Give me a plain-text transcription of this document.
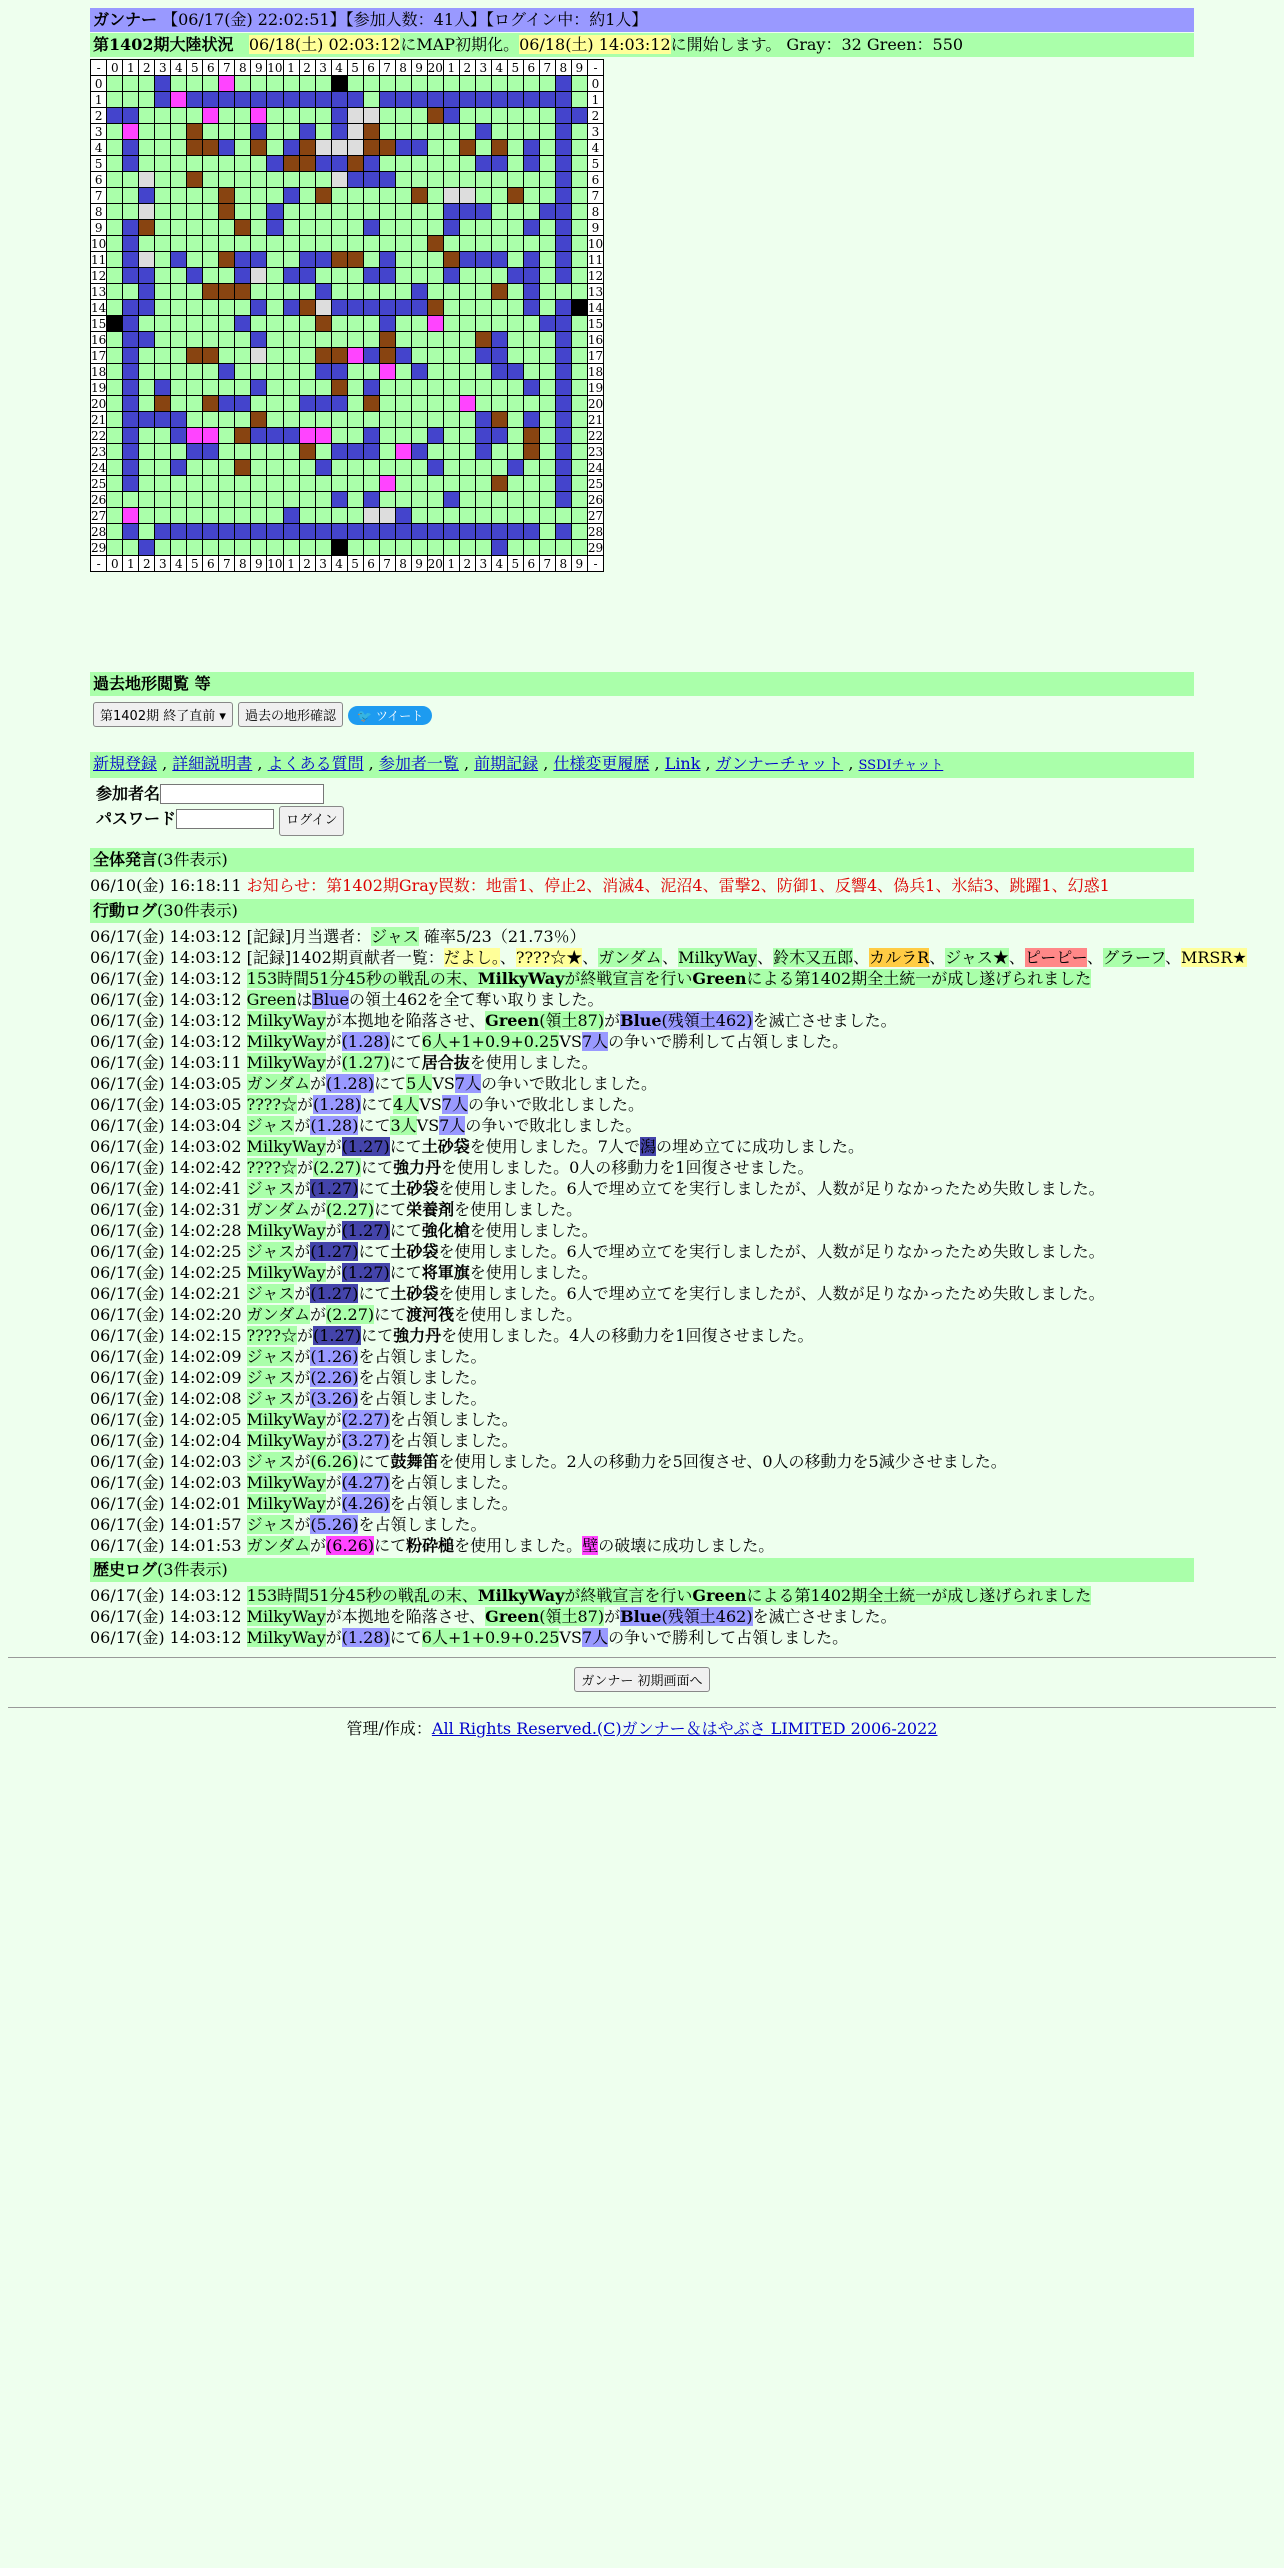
ガンナー 【06/17(金) 22:02:51】【参加人数：41人】【ログイン中：約1人】
第1402期大陸状況 06/18(土) 02:03:12にMAP初期化。06/18(土) 14:03:12に開始します。 Gray：32 Green：550
-	0	1	2	3	4	5	6	7	8	9	10	1	2	3	4	5	6	7	8	9	20	1	2	3	4	5	6	7	8	9	-
0																															0
1																															1
2																															2
3																															3
4																															4
5																															5
6																															6
7																															7
8																															8
9																															9
10																															10
11																															11
12																															12
13																															13
14																															14
15																															15
16																															16
17																															17
18																															18
19																															19
20																															20
21																															21
22																															22
23																															23
24																															24
25																															25
26																															26
27																															27
28																															28
29																															29
-	0	1	2	3	4	5	6	7	8	9	10	1	2	3	4	5	6	7	8	9	20	1	2	3	4	5	6	7	8	9	-
過去地形閲覧 等
第1402期 終了直前 ▾ 過去の地形確認 🐦 ツイート
新規登録 , 詳細説明書 , よくある質問 , 参加者一覧 , 前期記録 , 仕様変更履歴 , Link , ガンナーチャット , SSDIチャット
参加者名
パスワード	ログイン
全体発言(3件表示)
06/10(金) 16:18:11 お知らせ：第1402期Gray罠数：地雷1、停止2、消滅4、泥沼4、雷撃2、防御1、反響4、偽兵1、氷結3、跳躍1、幻惑1
行動ログ(30件表示)
06/17(金) 14:03:12 [記録]月当選者：ジャス 確率5/23（21.73％）
06/17(金) 14:03:12 [記録]1402期貢献者一覧：だよし。、????☆★、ガンダム、MilkyWay、鈴木又五郎、カルラR、ジャス★、ピーピー、グラーフ、MRSR★
06/17(金) 14:03:12 153時間51分45秒の戦乱の末、MilkyWayが終戦宣言を行いGreenによる第1402期全土統一が成し遂げられました
06/17(金) 14:03:12 GreenはBlueの領土462を全て奪い取りました。
06/17(金) 14:03:12 MilkyWayが本拠地を陥落させ、Green(領土87)がBlue(残領土462)を滅亡させました。
06/17(金) 14:03:12 MilkyWayが(1.28)にて6人+1+0.9+0.25VS7人の争いで勝利して占領しました。
06/17(金) 14:03:11 MilkyWayが(1.27)にて居合抜を使用しました。
06/17(金) 14:03:05 ガンダムが(1.28)にて5人VS7人の争いで敗北しました。
06/17(金) 14:03:05 ????☆が(1.28)にて4人VS7人の争いで敗北しました。
06/17(金) 14:03:04 ジャスが(1.28)にて3人VS7人の争いで敗北しました。
06/17(金) 14:03:02 MilkyWayが(1.27)にて土砂袋を使用しました。7人で潟の埋め立てに成功しました。
06/17(金) 14:02:42 ????☆が(2.27)にて強力丹を使用しました。0人の移動力を1回復させました。
06/17(金) 14:02:41 ジャスが(1.27)にて土砂袋を使用しました。6人で埋め立てを実行しましたが、人数が足りなかったため失敗しました。
06/17(金) 14:02:31 ガンダムが(2.27)にて栄養剤を使用しました。
06/17(金) 14:02:28 MilkyWayが(1.27)にて強化槍を使用しました。
06/17(金) 14:02:25 ジャスが(1.27)にて土砂袋を使用しました。6人で埋め立てを実行しましたが、人数が足りなかったため失敗しました。
06/17(金) 14:02:25 MilkyWayが(1.27)にて将軍旗を使用しました。
06/17(金) 14:02:21 ジャスが(1.27)にて土砂袋を使用しました。6人で埋め立てを実行しましたが、人数が足りなかったため失敗しました。
06/17(金) 14:02:20 ガンダムが(2.27)にて渡河筏を使用しました。
06/17(金) 14:02:15 ????☆が(1.27)にて強力丹を使用しました。4人の移動力を1回復させました。
06/17(金) 14:02:09 ジャスが(1.26)を占領しました。
06/17(金) 14:02:09 ジャスが(2.26)を占領しました。
06/17(金) 14:02:08 ジャスが(3.26)を占領しました。
06/17(金) 14:02:05 MilkyWayが(2.27)を占領しました。
06/17(金) 14:02:04 MilkyWayが(3.27)を占領しました。
06/17(金) 14:02:03 ジャスが(6.26)にて鼓舞笛を使用しました。2人の移動力を5回復させ、0人の移動力を5減少させました。
06/17(金) 14:02:03 MilkyWayが(4.27)を占領しました。
06/17(金) 14:02:01 MilkyWayが(4.26)を占領しました。
06/17(金) 14:01:57 ジャスが(5.26)を占領しました。
06/17(金) 14:01:53 ガンダムが(6.26)にて粉砕槌を使用しました。壁の破壊に成功しました。
歴史ログ(3件表示)
06/17(金) 14:03:12 153時間51分45秒の戦乱の末、MilkyWayが終戦宣言を行いGreenによる第1402期全土統一が成し遂げられました
06/17(金) 14:03:12 MilkyWayが本拠地を陥落させ、Green(領土87)がBlue(残領土462)を滅亡させました。
06/17(金) 14:03:12 MilkyWayが(1.28)にて6人+1+0.9+0.25VS7人の争いで勝利して占領しました。
ガンナー 初期画面へ
管理/作成：All Rights Reserved.(C)ガンナー＆はやぶさ LIMITED 2006-2022
